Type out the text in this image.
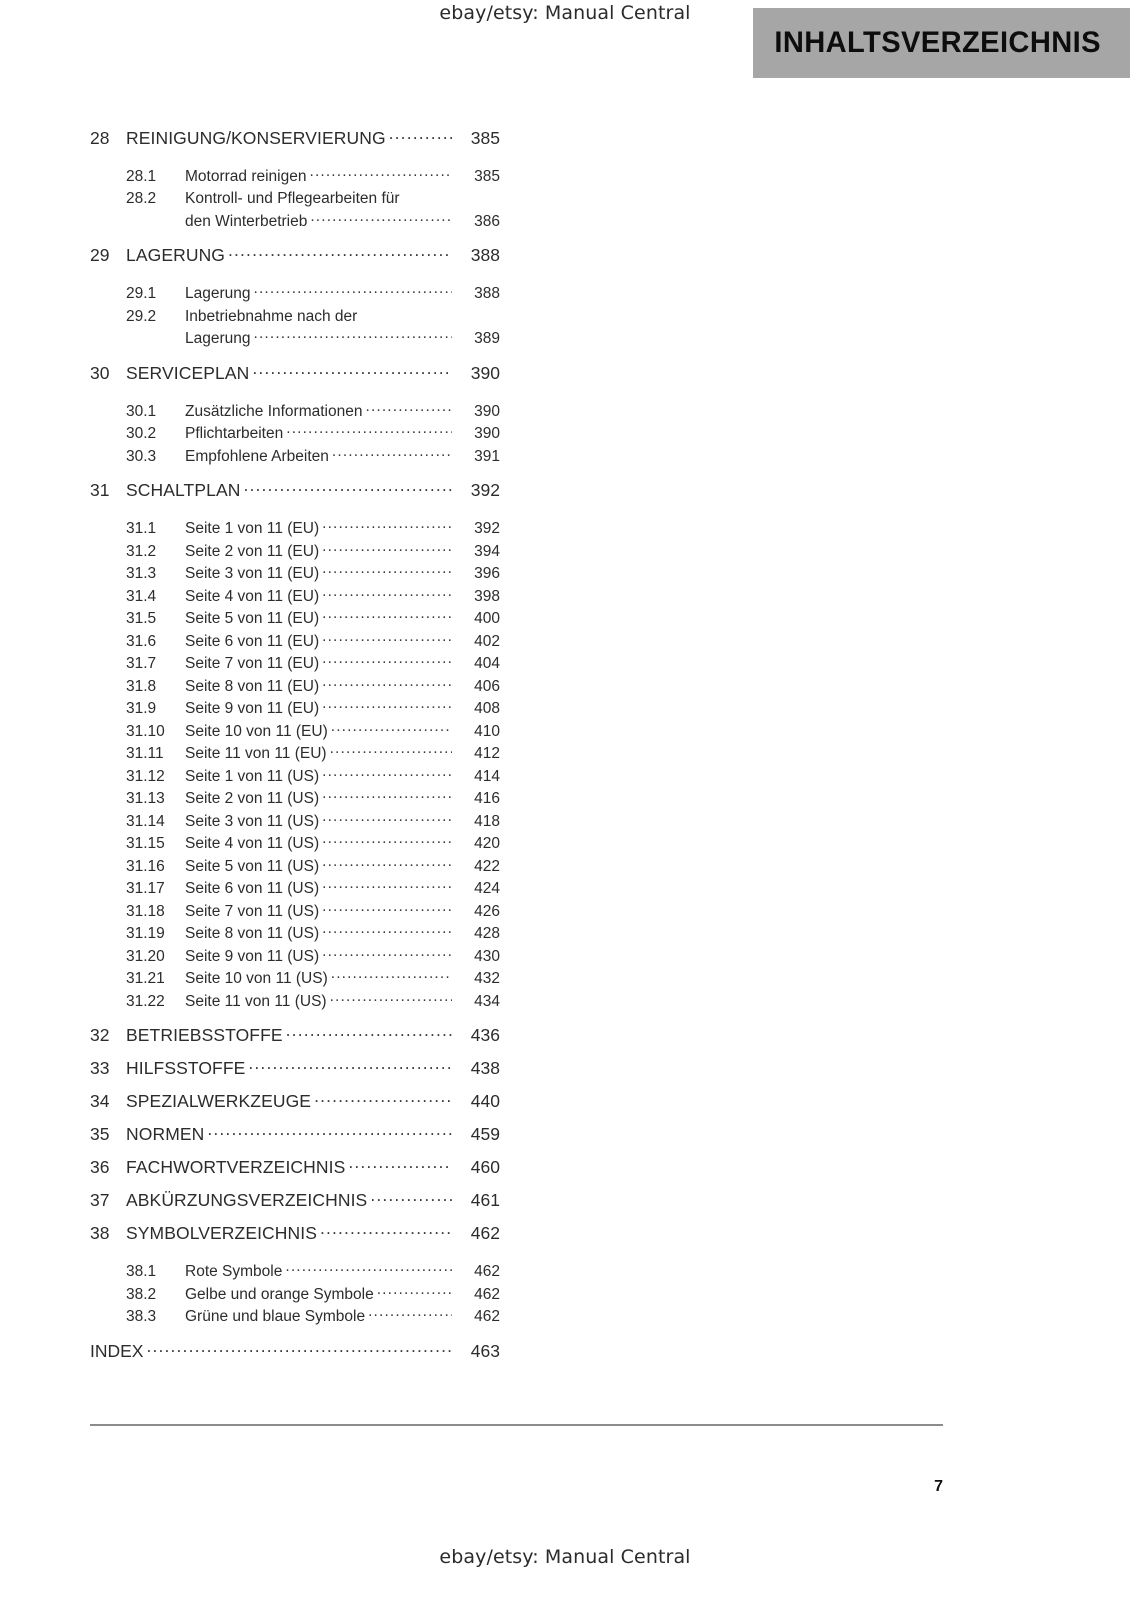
ebay/etsy: Manual Central
INHALTSVERZEICHNIS
28 REINIGUNG/KONSERVIERUNG .....	385
28.1	Motorrad reinigen .....	385
28.2	Kontroll- und Pflegearbeiten für
den Winterbetrieb .....	386
29 LAGERUNG .....	388
29.1	Lagerung .....	388
29.2	Inbetriebnahme nach der
Lagerung .....	389
30 SERVICEPLAN .....	390
30.1	Zusätzliche Informationen .....	390
30.2	Pflichtarbeiten .....	390
30.3	Empfohlene Arbeiten .....	391
31 SCHALTPLAN .....	392
31.1	Seite 1 von 11 (EU) .....	392
31.2	Seite 2 von 11 (EU) .....	394
31.3	Seite 3 von 11 (EU) .....	396
31.4	Seite 4 von 11 (EU) .....	398
31.5	Seite 5 von 11 (EU) .....	400
31.6	Seite 6 von 11 (EU) .....	402
31.7	Seite 7 von 11 (EU) .....	404
31.8	Seite 8 von 11 (EU) .....	406
31.9	Seite 9 von 11 (EU) .....	408
31.10	Seite 10 von 11 (EU) .....	410
31.11	Seite 11 von 11 (EU) .....	412
31.12	Seite 1 von 11 (US) .....	414
31.13	Seite 2 von 11 (US) .....	416
31.14	Seite 3 von 11 (US) .....	418
31.15	Seite 4 von 11 (US) .....	420
31.16	Seite 5 von 11 (US) .....	422
31.17	Seite 6 von 11 (US) .....	424
31.18	Seite 7 von 11 (US) .....	426
31.19	Seite 8 von 11 (US) .....	428
31.20	Seite 9 von 11 (US) .....	430
31.21	Seite 10 von 11 (US) .....	432
31.22	Seite 11 von 11 (US) .....	434
32 BETRIEBSSTOFFE .....	436
33 HILFSSTOFFE .....	438
34 SPEZIALWERKZEUGE .....	440
35 NORMEN .....	459
36 FACHWORTVERZEICHNIS .....	460
37 ABKÜRZUNGSVERZEICHNIS .....	461
38 SYMBOLVERZEICHNIS .....	462
38.1	Rote Symbole .....	462
38.2	Gelbe und orange Symbole .....	462
38.3	Grüne und blaue Symbole .....	462
INDEX .....	463
7
ebay/etsy: Manual Central
